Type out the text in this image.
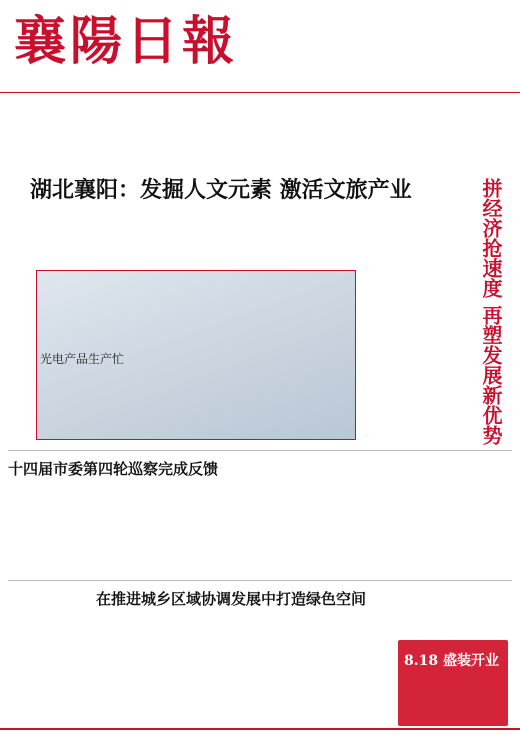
襄陽日報
湖北襄阳：发掘人文元素 激活文旅产业	拼经济抢速度 再塑发展新优势
光电产品生产忙
十四届市委第四轮巡察完成反馈
在推进城乡区域协调发展中打造绿色空间
8.18 盛装开业
